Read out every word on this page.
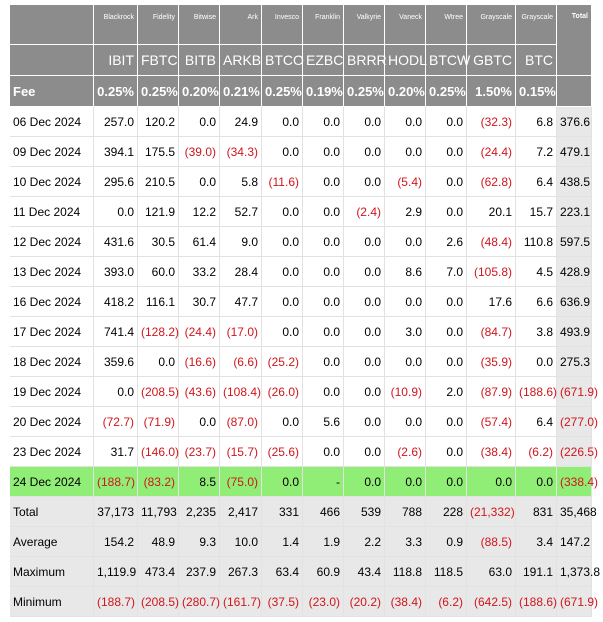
	Blackrock	Fidelity	Bitwise	Ark	Invesco	Franklin	Valkyrie	Vaneck	Wtree	Grayscale	Grayscale	Total
	IBIT	FBTC	BITB	ARKB	BTCO	EZBC	BRRR	HODL	BTCW	GBTC	BTC	
Fee	0.25%	0.25%	0.20%	0.21%	0.25%	0.19%	0.25%	0.20%	0.25%	1.50%	0.15%	
06 Dec 2024	257.0	120.2	0.0	24.9	0.0	0.0	0.0	0.0	0.0	(32.3)	6.8	376.6
09 Dec 2024	394.1	175.5	(39.0)	(34.3)	0.0	0.0	0.0	0.0	0.0	(24.4)	7.2	479.1
10 Dec 2024	295.6	210.5	0.0	5.8	(11.6)	0.0	0.0	(5.4)	0.0	(62.8)	6.4	438.5
11 Dec 2024	0.0	121.9	12.2	52.7	0.0	0.0	(2.4)	2.9	0.0	20.1	15.7	223.1
12 Dec 2024	431.6	30.5	61.4	9.0	0.0	0.0	0.0	0.0	2.6	(48.4)	110.8	597.5
13 Dec 2024	393.0	60.0	33.2	28.4	0.0	0.0	0.0	8.6	7.0	(105.8)	4.5	428.9
16 Dec 2024	418.2	116.1	30.7	47.7	0.0	0.0	0.0	0.0	0.0	17.6	6.6	636.9
17 Dec 2024	741.4	(128.2)	(24.4)	(17.0)	0.0	0.0	0.0	3.0	0.0	(84.7)	3.8	493.9
18 Dec 2024	359.6	0.0	(16.6)	(6.6)	(25.2)	0.0	0.0	0.0	0.0	(35.9)	0.0	275.3
19 Dec 2024	0.0	(208.5)	(43.6)	(108.4)	(26.0)	0.0	0.0	(10.9)	2.0	(87.9)	(188.6)	(671.9)
20 Dec 2024	(72.7)	(71.9)	0.0	(87.0)	0.0	5.6	0.0	0.0	0.0	(57.4)	6.4	(277.0)
23 Dec 2024	31.7	(146.0)	(23.7)	(15.7)	(25.6)	0.0	0.0	(2.6)	0.0	(38.4)	(6.2)	(226.5)
24 Dec 2024	(188.7)	(83.2)	8.5	(75.0)	0.0	-	0.0	0.0	0.0	0.0	0.0	(338.4)
Total	37,173	11,793	2,235	2,417	331	466	539	788	228	(21,332)	831	35,468
Average	154.2	48.9	9.3	10.0	1.4	1.9	2.2	3.3	0.9	(88.5)	3.4	147.2
Maximum	1,119.9	473.4	237.9	267.3	63.4	60.9	43.4	118.8	118.5	63.0	191.1	1,373.8
Minimum	(188.7)	(208.5)	(280.7)	(161.7)	(37.5)	(23.0)	(20.2)	(38.4)	(6.2)	(642.5)	(188.6)	(671.9)
